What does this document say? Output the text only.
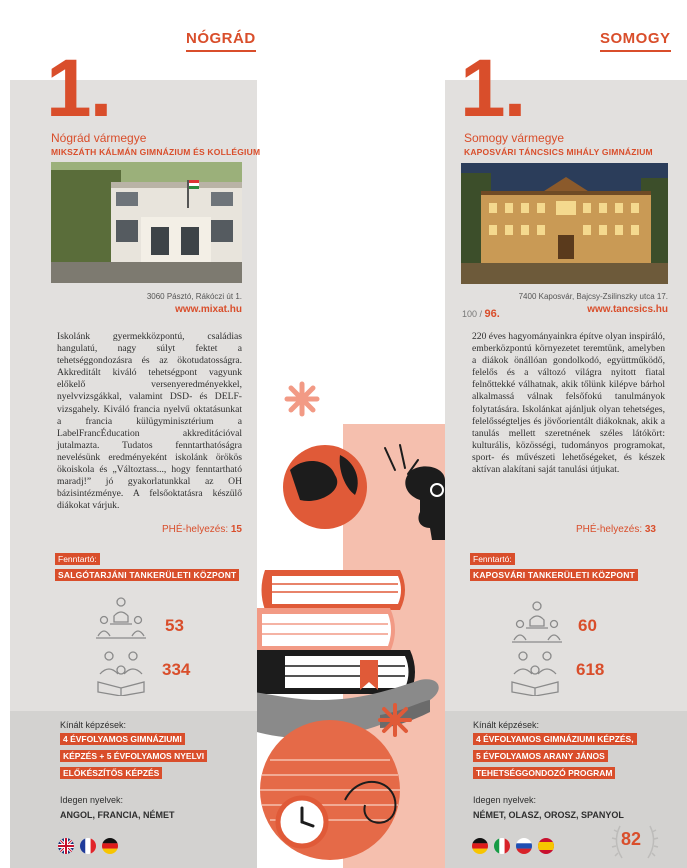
NÓGRÁD
1.
Nógrád vármegye
MIKSZÁTH KÁLMÁN GIMNÁZIUM ÉS KOLLÉGIUM
3060 Pásztó, Rákóczi út 1.
www.mixat.hu
Iskolánk gyermekközpontú, családias hangulatú, nagy súlyt fektet a tehetséggondozásra és az ökotudatosságra. Akkreditált kiváló tehetségpont vagyunk előkelő versenyeredményekkel, nyelvvizsgákkal, valamint DSD- és DELF-vizsgahely. Kiváló francia nyelvű oktatásunkat a francia külügyminisztérium a LabelFrancÉducation akkreditációval jutalmazta. Tudatos fenntarthatóságra nevelésünk eredményeként iskolánk örökös ökoiskola és „Változtass..., hogy fenntartható maradj!” jó gyakorlatunkkal az OH bázisintézménye. A felsőoktatásra készülő diákokat várjuk.
PHÉ-helyezés: 15
Fenntartó:
SALGÓTARJÁNI TANKERÜLETI KÖZPONT
53
334
Kínált képzések:
4 ÉVFOLYAMOS GIMNÁZIUMI
KÉPZÉS + 5 ÉVFOLYAMOS NYELVI
ELŐKÉSZÍTŐS KÉPZÉS
Idegen nyelvek:
ANGOL, FRANCIA, NÉMET
SOMOGY
1.
Somogy vármegye
KAPOSVÁRI TÁNCSICS MIHÁLY GIMNÁZIUM
100 / 96.
7400 Kaposvár, Bajcsy-Zsilinszky utca 17.
www.tancsics.hu
220 éves hagyományainkra építve olyan inspiráló, emberközpontú környezetet teremtünk, amelyben a diákok önállóan gondolkodó, együttműködő, felelős és a változó világra nyitott fiatal felnőttekké válhatnak, akik tőlünk kilépve bárhol alkalmassá válnak felsőfokú tanulmányok folytatására. Iskolánkat ajánljuk olyan tehetséges, felelősségteljes és jövőorientált diákoknak, akik a tanulás mellett szeretnének széles látókört: kulturális, közösségi, tudományos programokat, sport- és művészeti lehetőségeket, és készek aktívan alakítani saját tanulási útjukat.
PHÉ-helyezés: 33
Fenntartó:
KAPOSVÁRI TANKERÜLETI KÖZPONT
60
618
Kínált képzések:
4 ÉVFOLYAMOS GIMNÁZIUMI KÉPZÉS,
5 ÉVFOLYAMOS ARANY JÁNOS
TEHETSÉGGONDOZÓ PROGRAM
Idegen nyelvek:
NÉMET, OLASZ, OROSZ, SPANYOL
82
